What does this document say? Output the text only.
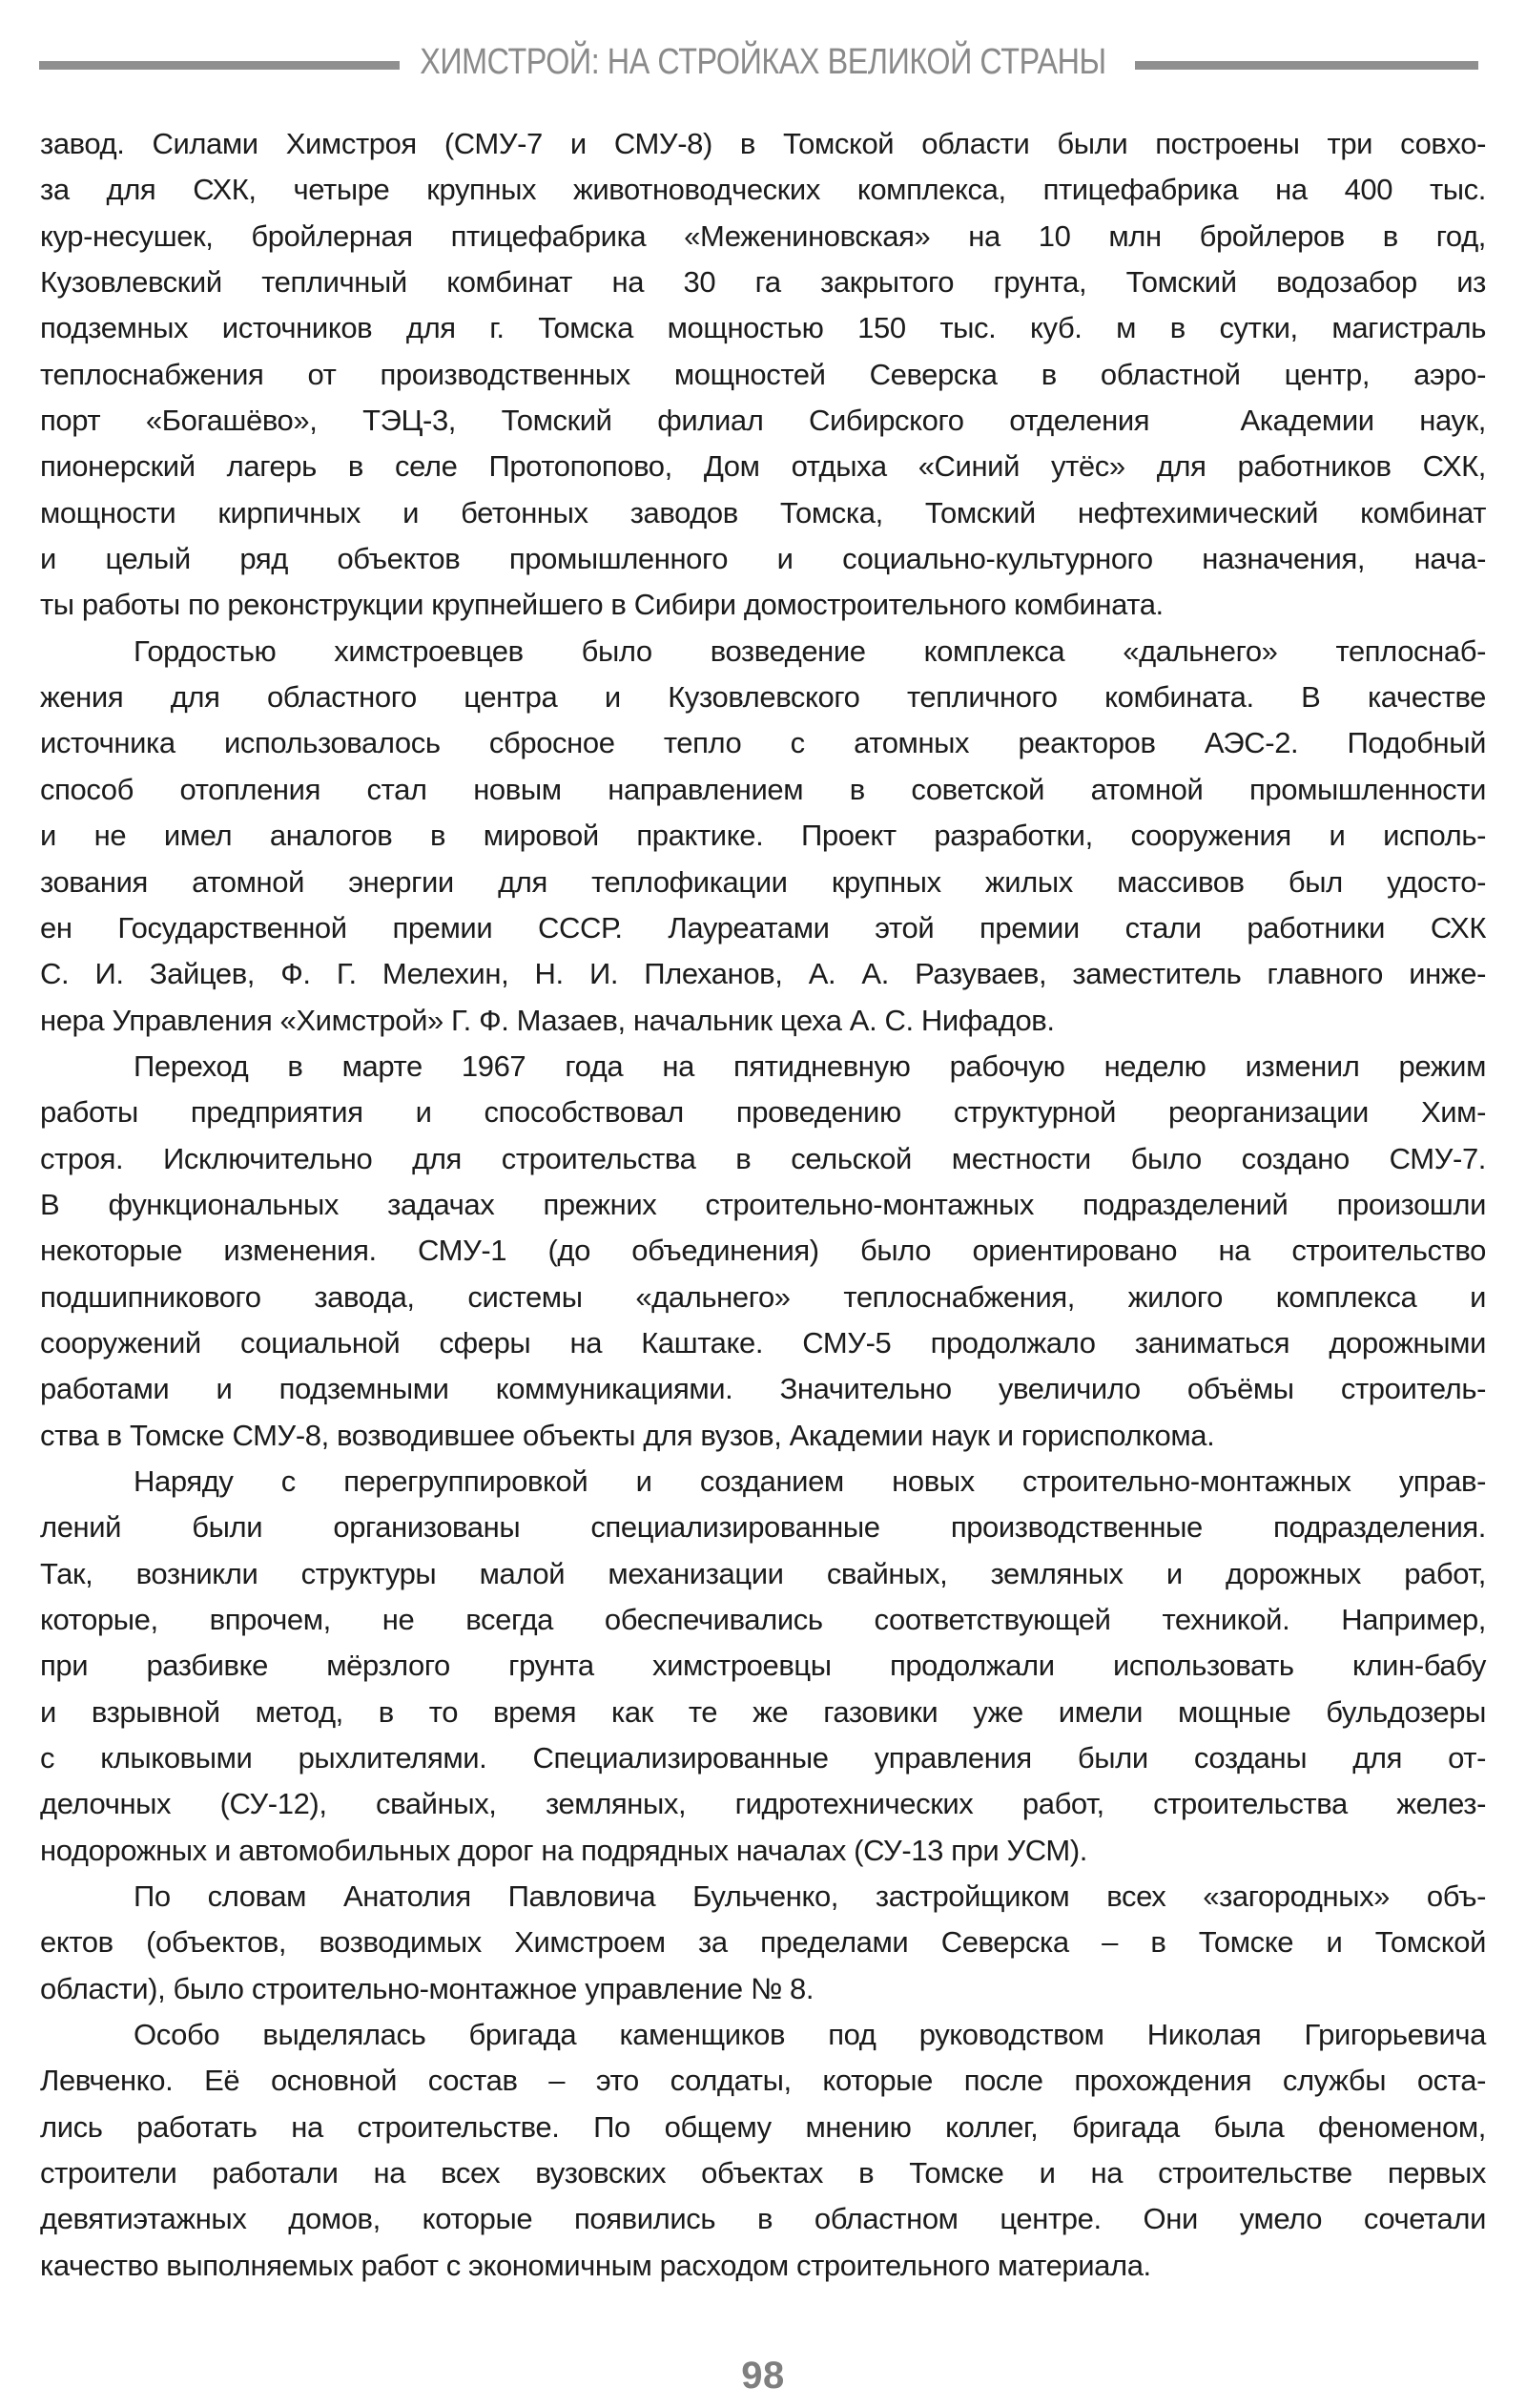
ХИМСТРОЙ: НА СТРОЙКАХ ВЕЛИКОЙ СТРАНЫ
завод. Силами Химстроя (СМУ-7 и СМУ-8) в Томской области были построены три совхо-
за для СХК, четыре крупных животноводческих комплекса, птицефабрика на 400 тыс.
кур-несушек, бройлерная птицефабрика «Межениновская» на 10 млн бройлеров в год,
Кузовлевский тепличный комбинат на 30 га закрытого грунта, Томский водозабор из
подземных источников для г. Томска мощностью 150 тыс. куб. м в сутки, магистраль
теплоснабжения от производственных мощностей Северска в областной центр, аэро-
порт «Богашёво», ТЭЦ-3, Томский филиал Сибирского отделения  Академии наук,
пионерский лагерь в селе Протопопово, Дом отдыха «Синий утёс» для работников СХК,
мощности кирпичных и бетонных заводов Томска, Томский нефтехимический комбинат
и целый ряд объектов промышленного и социально-культурного назначения, нача-
ты работы по реконструкции крупнейшего в Сибири домостроительного комбината.
Гордостью химстроевцев было возведение комплекса «дальнего» теплоснаб-
жения для областного центра и Кузовлевского тепличного комбината. В качестве
источника использовалось сбросное тепло с атомных реакторов АЭС-2. Подобный
способ отопления стал новым направлением в советской атомной промышленности
и не имел аналогов в мировой практике. Проект разработки, сооружения и исполь-
зования атомной энергии для теплофикации крупных жилых массивов был удосто-
ен Государственной премии СССР. Лауреатами этой премии стали работники СХК
С. И. Зайцев, Ф. Г. Мелехин, Н. И. Плеханов, А. А. Разуваев, заместитель главного инже-
нера Управления «Химстрой» Г. Ф. Мазаев, начальник цеха А. С. Нифадов.
Переход в марте 1967 года на пятидневную рабочую неделю изменил режим
работы предприятия и способствовал проведению структурной реорганизации Хим-
строя. Исключительно для строительства в сельской местности было создано СМУ-7.
В функциональных задачах прежних строительно-монтажных подразделений произошли
некоторые изменения. СМУ-1 (до объединения) было ориентировано на строительство
подшипникового завода, системы «дальнего» теплоснабжения, жилого комплекса и
сооружений социальной сферы на Каштаке. СМУ-5 продолжало заниматься дорожными
работами и подземными коммуникациями. Значительно увеличило объёмы строитель-
ства в Томске СМУ-8, возводившее объекты для вузов, Академии наук и горисполкома.
Наряду с перегруппировкой и созданием новых строительно-монтажных управ-
лений были организованы специализированные производственные подразделения.
Так, возникли структуры малой механизации свайных, земляных и дорожных работ,
которые, впрочем, не всегда обеспечивались соответствующей техникой. Например,
при разбивке мёрзлого грунта химстроевцы продолжали использовать клин-бабу
и взрывной метод, в то время как те же газовики уже имели мощные бульдозеры
с клыковыми рыхлителями. Специализированные управления были созданы для от-
делочных (СУ-12), свайных, земляных, гидротехнических работ, строительства желез-
нодорожных и автомобильных дорог на подрядных началах (СУ-13 при УСМ).
По словам Анатолия Павловича Бульченко, застройщиком всех «загородных» объ-
ектов (объектов, возводимых Химстроем за пределами Северска – в Томске и Томской
области), было строительно-монтажное управление № 8.
Особо выделялась бригада каменщиков под руководством Николая Григорьевича
Левченко. Её основной состав – это солдаты, которые после прохождения службы оста-
лись работать на строительстве. По общему мнению коллег, бригада была феноменом,
строители работали на всех вузовских объектах в Томске и на строительстве первых
девятиэтажных домов, которые появились в областном центре. Они умело сочетали
качество выполняемых работ с экономичным расходом строительного материала.
98
